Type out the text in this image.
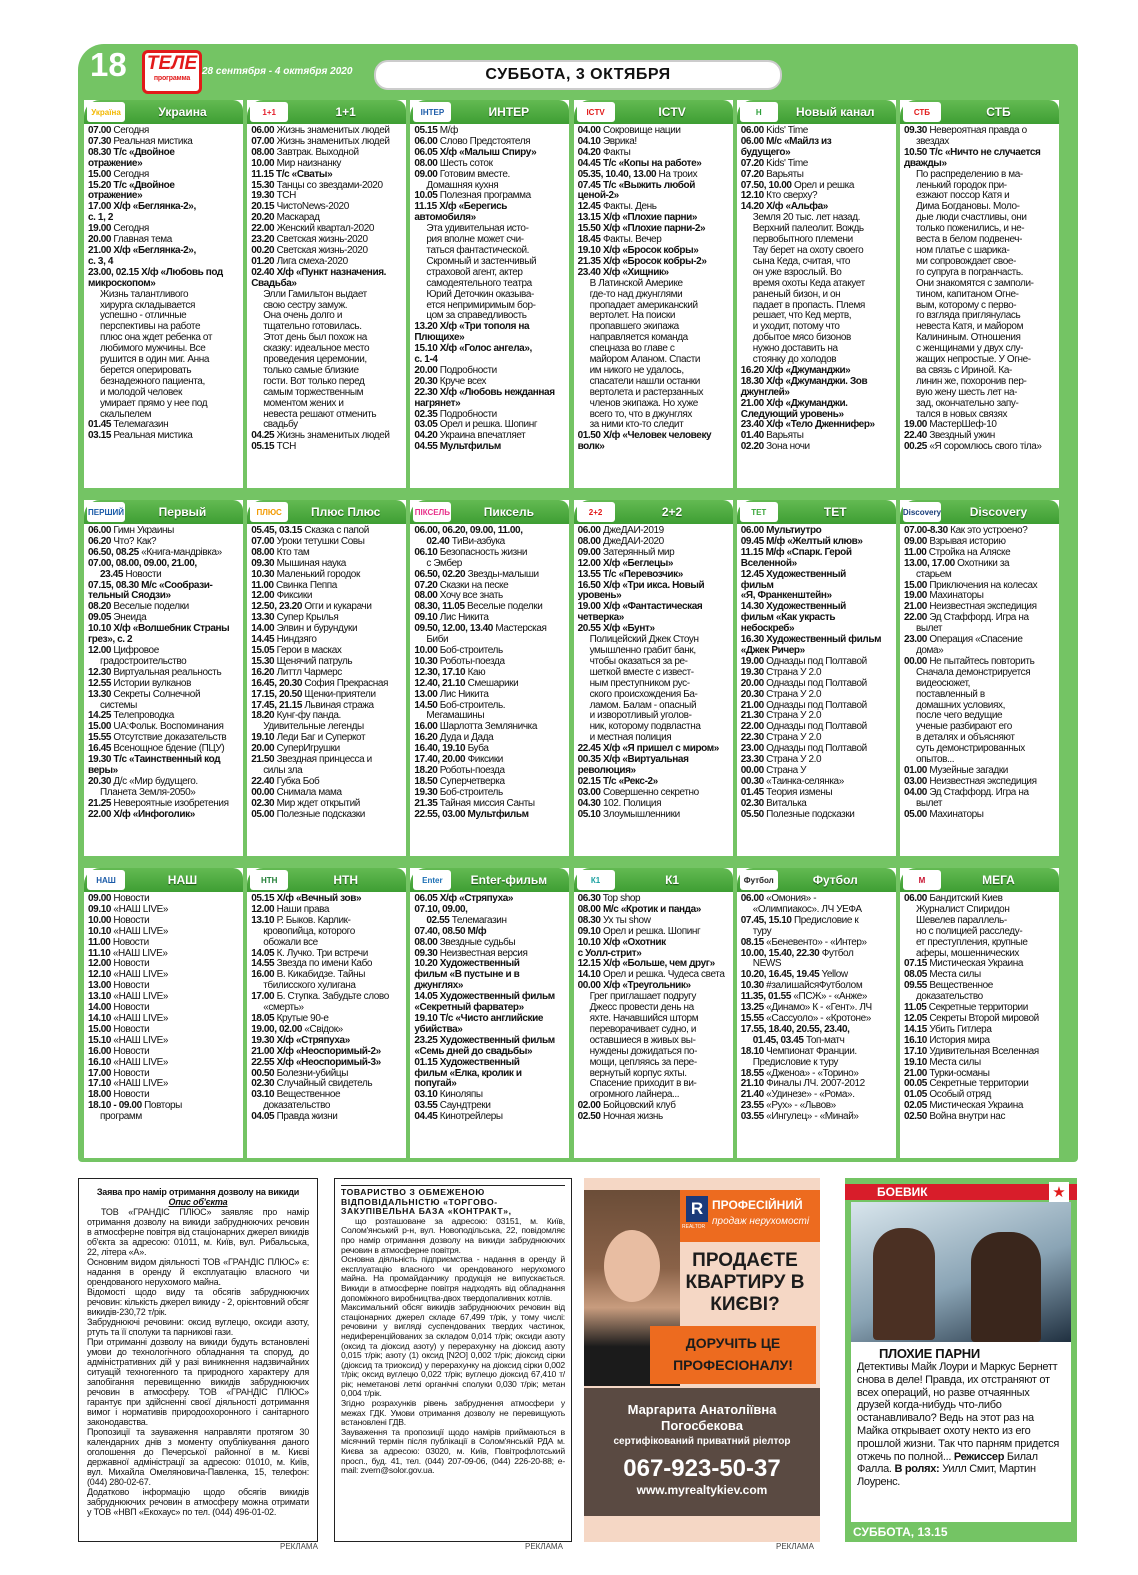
18 ТЕЛЕ
программа
28 сентября - 4 октября 2020	СУББОТА, 3 ОКТЯБРЯ
Україна	Украина

07.00 Сегодня

07.30 Реальная мистика

08.30 Т/с «Двойное

отражение»

15.00 Сегодня

15.20 Т/с «Двойное

отражение»

17.00 Х/ф «Беглянка-2»,

с. 1, 2

19.00 Сегодня

20.00 Главная тема

21.00 Х/ф «Беглянка-2»,

с. 3, 4

23.00, 02.15 Х/ф «Любовь под

микроскопом»

Жизнь талантливого

хирурга складывается

успешно - отличные

перспективы на работе

плюс она ждет ребенка от

любимого мужчины. Все

рушится в один миг. Анна

берется оперировать

безнадежного пациента,

и молодой человек

умирает прямо у нее под

скальпелем

01.45 Телемагазин

03.15 Реальная мистика

1+1	1+1

06.00 Жизнь знаменитых людей

07.00 Жизнь знаменитых людей

08.00 Завтрак. Выходной

10.00 Мир наизнанку

11.15 Т/с «Сваты»

15.30 Танцы со звездами-2020

19.30 ТСН

20.15 ЧистоNews-2020

20.20 Маскарад

22.00 Женский квартал-2020

23.20 Светская жизнь-2020

00.20 Светская жизнь-2020

01.20 Лига смеха-2020

02.40 Х/ф «Пункт назначения.

Свадьба»

Элли Гамильтон выдает

свою сестру замуж.

Она очень долго и

тщательно готовилась.

Этот день был похож на

сказку: идеальное место

проведения церемонии,

только самые близкие

гости. Вот только перед

самым торжественным

моментом жених и

невеста решают отменить

свадьбу

04.25 Жизнь знаменитых людей

05.15 ТСН

ІНТЕР	ИНТЕР

05.15 М/ф

06.00 Слово Предстоятеля

06.05 Х/ф «Малыш Спиру»

08.00 Шесть соток

09.00 Готовим вместе.

Домашняя кухня

10.05 Полезная программа

11.15 Х/ф «Берегись

автомобиля»

Эта удивительная исто-

рия вполне может счи-

таться фантастической.

Скромный и застенчивый

страховой агент, актер

самодеятельного театра

Юрий Деточкин оказыва-

ется непримиримым бор-

цом за справедливость

13.20 Х/ф «Три тополя на

Плющихе»

15.10 Х/ф «Голос ангела»,

с. 1-4

20.00 Подробности

20.30 Круче всех

22.30 Х/ф «Любовь нежданная

нагрянет»

02.35 Подробности

03.05 Орел и решка. Шопинг

04.20 Украина впечатляет

04.55 Мультфильм

ICTV	ICTV

04.00 Сокровище нации

04.10 Эврика!

04.20 Факты

04.45 Т/с «Копы на работе»

05.35, 10.40, 13.00 На троих

07.45 Т/с «Выжить любой

ценой-2»

12.45 Факты. День

13.15 Х/ф «Плохие парни»

15.50 Х/ф «Плохие парни-2»

18.45 Факты. Вечер

19.10 Х/ф «Бросок кобры»

21.35 Х/ф «Бросок кобры-2»

23.40 Х/ф «Хищник»

В Латинской Америке

где-то над джунглями

пропадает американский

вертолет. На поиски

пропавшего экипажа

направляется команда

спецназа во главе с

майором Аланом. Спасти

им никого не удалось,

спасатели нашли останки

вертолета и растерзанных

членов экипажа. Но хуже

всего то, что в джунглях

за ними кто-то следит

01.50 Х/ф «Человек человеку

волк»

Н	Новый канал

06.00 Kids' Time

06.00 М/с «Майлз из

будущего»

07.20 Kids' Time

07.20 Варьяты

07.50, 10.00 Орел и решка

12.10 Кто сверху?

14.20 Х/ф «Альфа»

Земля 20 тыс. лет назад.

Верхний палеолит. Вождь

первобытного племени

Тау берет на охоту своего

сына Кеда, считая, что

он уже взрослый. Во

время охоты Кеда атакует

раненый бизон, и он

падает в пропасть. Племя

решает, что Кед мертв,

и уходит, потому что

добытое мясо бизонов

нужно доставить на

стоянку до холодов

16.20 Х/ф «Джуманджи»

18.30 Х/ф «Джуманджи. Зов

джунглей»

21.00 Х/ф «Джуманджи.

Следующий уровень»

23.40 Х/ф «Тело Дженнифер»

01.40 Варьяты

02.20 Зона ночи

СТБ	СТБ

09.30 Невероятная правда о

звездах

10.50 Т/с «Ничто не случается

дважды»

По распределению в ма-

ленький городок при-

езжают поссор Катя и

Дима Богдановы. Моло-

дые люди счастливы, они

только поженились, и не-

веста в белом подвенеч-

ном платье с шарика-

ми сопровождает свое-

го супруга в погранчасть.

Они знакомятся с замполи-

тином, капитаном Огне-

вым, которому с перво-

го взгляда приглянулась

невеста Катя, и майором

Калининым. Отношения

с женщинами у двух слу-

жащих непростые. У Огне-

ва связь с Ириной. Ка-

линин же, похоронив пер-

вую жену шесть лет на-

зад, окончательно запу-

тался в новых связях

19.00 МастерШеф-10

22.40 Звездный ужин

00.25 «Я соромлюсь свого тіла»

ПЕРШИЙ	Первый

06.00 Гимн Украины

06.20 Что? Как?

06.50, 08.25 «Книга-мандрівка»

07.00, 08.00, 09.00, 21.00,

23.45 Новости

07.15, 08.30 М/с «Сообрази-

тельный Сяодзи»

08.20 Веселые поделки

09.05 Энеида

10.10 Х/ф «Волшебник Страны

грез», с. 2

12.00 Цифровое

градостроительство

12.30 Виртуальная реальность

12.55 Истории вулканов

13.30 Секреты Солнечной

системы

14.25 Телепроводка

15.00 UA:Фольк. Воспоминания

15.55 Отсутствие доказательств

16.45 Всенощное бдение (ПЦУ)

19.30 Т/с «Таинственный код

веры»

20.30 Д/с «Мир будущего.

Планета Земля-2050»

21.25 Невероятные изобретения

22.00 Х/ф «Инфоголик»

ПЛЮС	Плюс Плюс

05.45, 03.15 Сказка с папой

07.00 Уроки тетушки Совы

08.00 Кто там

09.30 Мышиная наука

10.30 Маленький городок

11.00 Свинка Пеппа

12.00 Фиксики

12.50, 23.20 Огги и кукарачи

13.30 Супер Крылья

14.00 Элвин и бурундуки

14.45 Ниндзяго

15.05 Герои в масках

15.30 Щенячий патруль

16.20 Литтл Чармерс

16.45, 20.30 София Прекрасная

17.15, 20.50 Щенки-приятели

17.45, 21.15 Львиная стража

18.20 Кунг-фу панда.

Удивительные легенды

19.10 Леди Баг и Суперкот

20.00 СуперИгрушки

21.50 Звездная принцесса и

силы зла

22.40 Губка Боб

00.00 Снимала мама

02.30 Мир ждет открытий

05.00 Полезные подсказки

ПІКСЕЛЬ	Пиксель

06.00, 06.20, 09.00, 11.00,

02.40 ТиВи-азбука

06.10 Безопасность жизни

с Эмбер

06.50, 02.20 Звезды-малыши

07.20 Сказки на песке

08.00 Хочу все знать

08.30, 11.05 Веселые поделки

09.10 Лис Никита

09.50, 12.00, 13.40 Мастерская

Биби

10.00 Боб-строитель

10.30 Роботы-поезда

12.30, 17.10 Каю

12.40, 21.10 Смешарики

13.00 Лис Никита

14.50 Боб-строитель.

Мегамашины

16.00 Шарлотта Земляничка

16.20 Дуда и Дада

16.40, 19.10 Буба

17.40, 20.00 Фиксики

18.20 Роботы-поезда

18.50 Суперчетверка

19.30 Боб-строитель

21.35 Тайная миссия Санты

22.55, 03.00 Мультфильм

2+2	2+2

06.00 ДжеДАИ-2019

08.00 ДжеДАИ-2020

09.00 Затерянный мир

12.00 Х/ф «Беглецы»

13.55 Т/с «Перевозчик»

16.50 Х/ф «Три икса. Новый

уровень»

19.00 Х/ф «Фантастическая

четверка»

20.55 Х/ф «Бунт»

Полицейский Джек Стоун

умышленно грабит банк,

чтобы оказаться за ре-

шеткой вместе с извест-

ным преступником рус-

ского происхождения Ба-

ламом. Балам - опасный

и изворотливый уголов-

ник, которому подвластна

и местная полиция

22.45 Х/ф «Я пришел с миром»

00.35 Х/ф «Виртуальная

революция»

02.15 Т/с «Рекс-2»

03.00 Совершенно секретно

04.30 102. Полиция

05.10 Злоумышленники

ТЕТ	ТЕТ

06.00 Мультиутро

09.45 М/ф «Желтый клюв»

11.15 М/ф «Спарк. Герой

Вселенной»

12.45 Художественный

фильм

«Я, Франкенштейн»

14.30 Художественный

фильм «Как украсть

небоскреб»

16.30 Художественный фильм

«Джек Ричер»

19.00 Одназды под Полтавой

19.30 Страна У 2.0

20.00 Одназды под Полтавой

20.30 Страна У 2.0

21.00 Одназды под Полтавой

21.30 Страна У 2.0

22.00 Одназды под Полтавой

22.30 Страна У 2.0

23.00 Одназды под Полтавой

23.30 Страна У 2.0

00.00 Страна У

00.30 «Таинка-селянка»

01.45 Теория измены

02.30 Виталька

05.50 Полезные подсказки

Discovery	Discovery

07.00-8.30 Как это устроено?

09.00 Взрывая историю

11.00 Стройка на Аляске

13.00, 17.00 Охотники за

старьем

15.00 Приключения на колесах

19.00 Махинаторы

21.00 Неизвестная экспедиция

22.00 Эд Стаффорд. Игра на

вылет

23.00 Операция «Спасение

дома»

00.00 Не пытайтесь повторить

Сначала демонстрируется

видеосюжет,

поставленный в

домашних условиях,

после чего ведущие

ученые разбирают его

в деталях и объясняют

суть демонстрированных

опытов...

01.00 Музейные загадки

03.00 Неизвестная экспедиция

04.00 Эд Стаффорд. Игра на

вылет

05.00 Махинаторы

НАШ	НАШ

09.00 Новости

09.10 «НАШ LIVE»

10.00 Новости

10.10 «НАШ LIVE»

11.00 Новости

11.10 «НАШ LIVE»

12.00 Новости

12.10 «НАШ LIVE»

13.00 Новости

13.10 «НАШ LIVE»

14.00 Новости

14.10 «НАШ LIVE»

15.00 Новости

15.10 «НАШ LIVE»

16.00 Новости

16.10 «НАШ LIVE»

17.00 Новости

17.10 «НАШ LIVE»

18.00 Новости

18.10 - 09.00 Повторы

программ

НТН	НТН

05.15 Х/ф «Вечный зов»

12.00 Наши права

13.10 Р. Быков. Карлик-

кровопийца, которого

обожали все

14.05 К. Лучко. Три встречи

14.55 Звезда по имени Кабо

16.00 В. Кикабидзе. Тайны

тбилисского хулигана

17.00 Б. Ступка. Забудьте слово

«смерть»

18.05 Крутые 90-е

19.00, 02.00 «Свідок»

19.30 Х/ф «Стряпуха»

21.00 Х/ф «Неоспоримый-2»

22.55 Х/ф «Неоспоримый-3»

00.50 Болезни-убийцы

02.30 Случайный свидетель

03.10 Вещественное

доказательство

04.05 Правда жизни

Enter	Enter-фильм

06.05 Х/ф «Стряпуха»

07.10, 09.00,

02.55 Телемагазин

07.40, 08.50 М/ф

08.00 Звездные судьбы

09.30 Неизвестная версия

10.20 Художественный

фильм «В пустыне и в

джунглях»

14.05 Художественный фильм

«Секретный фарватер»

19.10 Т/с «Чисто английские

убийства»

23.25 Художественный фильм

«Семь дней до свадьбы»

01.15 Художественный

фильм «Елка, кролик и

попугай»

03.10 Киноляпы

03.55 Саундтреки

04.45 Кинотрейлеры

К1	К1

06.30 Top shop

08.00 М/с «Кротик и панда»

08.30 Ух ты show

09.10 Орел и решка. Шопинг

10.10 Х/ф «Охотник

с Уолл-стрит»

12.15 Х/ф «Больше, чем друг»

14.10 Орел и решка. Чудеса света

00.00 Х/ф «Треугольник»

Грег приглашает подругу

Джесс провести день на

яхте. Начавшийся шторм

переворачивает судно, и

оставшиеся в живых вы-

нуждены дожидаться по-

мощи, цепляясь за пере-

вернутый корпус яхты.

Спасение приходит в ви-

огромного лайнера...

02.00 Бойцовский клуб

02.50 Ночная жизнь

Футбол	Футбол

06.00 «Омония» -

«Олимпиакос». ЛЧ УЕФА

07.45, 15.10 Предисловие к

туру

08.15 «Беневенто» - «Интер»

10.00, 15.40, 22.30 Футбол

NEWS

10.20, 16.45, 19.45 Yellow

10.30 #залишайсяФутболом

11.35, 01.55 «ПСЖ» - «Анже»

13.25 «Динамо» К - «Гент». ЛЧ

15.55 «Сассуоло» - «Кротоне»

17.55, 18.40, 20.55, 23.40,

01.45, 03.45 Топ-матч

18.10 Чемпионат Франции.

Предисловие к туру

18.55 «Дженоа» - «Торино»

21.10 Финалы ЛЧ. 2007-2012

21.40 «Удинезе» - «Рома».

23.55 «Рух» - «Львов»

03.55 «Ингулец» - «Минай»

М	МЕГА

06.00 Бандитский Киев

Журналист Спиридон

Шевелев параллель-

но с полицией расследу-

ет преступления, крупные

аферы, мошеннических

07.15 Мистическая Украина

08.05 Места силы

09.55 Вещественное

доказательство

11.05 Секретные территории

12.05 Секреты Второй мировой

14.15 Убить Гитлера

16.10 История мира

17.10 Удивительная Вселенная

19.10 Места силы

21.00 Турки-османы

00.05 Секретные территории

01.05 Особый отряд

02.05 Мистическая Украина

02.50 Война внутри нас

Заява про намір отримання дозволу на викиди
Опис об'єкта
ТОВ «ГРАНДІС ПЛЮС» заявляє про намір отримання дозволу на викиди забруднюючих речовин в атмосферне повітря від стаціонарних джерел викидів об'єкта за адресою: 01011, м. Київ, вул. Рибальська, 22, літера «А».
Основним видом діяльності ТОВ «ГРАНДІС ПЛЮС» є: надання в оренду й експлуатацію власного чи орендованого нерухомого майна.
Відомості щодо виду та обсягів забруднюючих речовин: кількість джерел викиду - 2, орієнтовний обсяг викидів-230,72 т/рік.
Забруднюючі речовини: оксид вуглецю, оксиди азоту, ртуть та її сполуки та парникові гази.
При отриманні дозволу на викиди будуть встановлені умови до технологічного обладнання та споруд, до адміністративних дій у разі виникнення надзвичайних ситуацій техногенного та природного характеру для запобігання перевищенню викидів забруднюючих речовин в атмосферу. ТОВ «ГРАНДІС ПЛЮС» гарантує при здійсненні своєї діяльності дотримання вимог і нормативів природоохоронного і санітарного законодавства.
Пропозиції та зауваження направляти протягом 30 календарних днів з моменту опублікування даного оголошення до Печерської районної в м. Києві державної адміністрації за адресою: 01010, м. Київ, вул. Михайла Омеляновича-Павленка, 15, телефон: (044) 280-02-67.
Додатково інформацію щодо обсягів викидів забруднюючих речовин в атмосферу можна отримати у ТОВ «НВП «Екохаус» по тел. (044) 496-01-02.
РЕКЛАМА
ТОВАРИСТВО З ОБМЕЖЕНОЮ ВІДПОВІДАЛЬНІСТЮ «ТОРГОВО-ЗАКУПІВЕЛЬНА БАЗА «КОНТРАКТ»,
що розташоване за адресою: 03151, м. Київ, Солом'янський р-н, вул. Новоподільська, 22, повідомляє про намір отримання дозволу на викиди забруднюючих речовин в атмосферне повітря.
Основна діяльність підприємства - надання в оренду й експлуатацію власного чи орендованого нерухомого майна. На промайданчику продукція не випускається. Викиди в атмосферне повітря надходять від обладнання допоміжного виробництва-двох твердопаливних котлів.
Максимальний обсяг викидів забруднюючих речовин від стаціонарних джерел складе 67,499 т/рік, у тому числі: речовини у вигляді суспендованих твердих частинок, недиференційованих за складом 0,014 т/рік; оксиди азоту (оксид та діоксид азоту) у перерахунку на діоксид азоту 0,015 т/рік; азоту (1) оксид [N2O] 0,002 т/рік; діоксид сірки (діоксид та триоксид) у перерахунку на діоксид сірки 0,002 т/рік; оксид вуглецю 0,022 т/рік; вуглецю діоксид 67,410 т/рік; неметанові леткі органічні сполуки 0,030 т/рік; метан 0,004 т/рік.
Згідно розрахунків рівень забруднення атмосфери у межах ГДК. Умови отримання дозволу не перевищують встановлені ГДВ.
Зауваження та пропозиції щодо намірів приймаються в місячний термін після публікації в Солом'янській РДА м. Києва за адресою: 03020, м. Київ, Повітрофлотський просп., буд. 41, тел. (044) 207-09-06, (044) 226-20-88; e-mail: zvern@solor.gov.ua.
РЕКЛАМА
R
REALTOR
ПРОФЕСІЙНИЙ
продаж нерухомості
ПРОДАЄТЕ КВАРТИРУ В КИЄВІ?
ДОРУЧІТЬ ЦЕ ПРОФЕСІОНАЛУ!
Маргарита Анатоліївна Погосбекова
сертифікований приватний ріелтор
067-923-50-37
www.myrealtykiev.com
РЕКЛАМА
БОЕВИК	★
ПЛОХИЕ ПАРНИ
Детективы Майк Лоури и Маркус Бернетт снова в деле! Правда, их отстраняют от всех операций, но разве отчаянных друзей когда-нибудь что-либо останавливало? Ведь на этот раз на Майка открывает охоту некто из его прошлой жизни. Так что парням придется отжечь по полной... Режиссер Билал Фалла. В ролях: Уилл Смит, Мартин Лоуренс.
СУББОТА, 13.15
